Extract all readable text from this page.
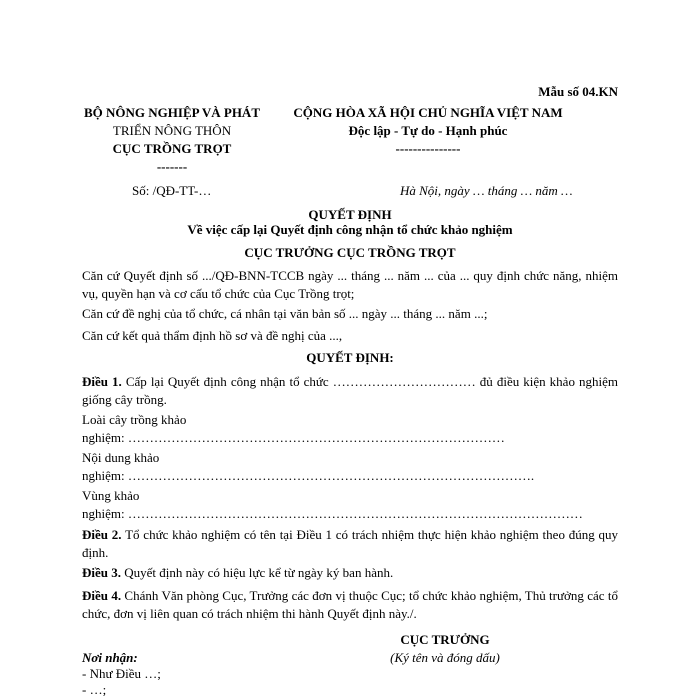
Mẫu số 04.KN
BỘ NÔNG NGHIỆP VÀ PHÁT
TRIỂN NÔNG THÔN
CỤC TRỒNG TRỌT
-------
CỘNG HÒA XÃ HỘI CHỦ NGHĨA VIỆT NAM
Độc lập - Tự do - Hạnh phúc
---------------
Số: /QĐ-TT-…	Hà Nội, ngày … tháng … năm …
QUYẾT ĐỊNH
Về việc cấp lại Quyết định công nhận tổ chức khảo nghiệm
CỤC TRƯỞNG CỤC TRỒNG TRỌT
Căn cứ Quyết định số .../QĐ-BNN-TCCB ngày ... tháng ... năm ... của ... quy định chức năng, nhiệm vụ, quyền hạn và cơ cấu tổ chức của Cục Trồng trọt;
Căn cứ đề nghị của tổ chức, cá nhân tại văn bản số ... ngày ... tháng ... năm ...;
Căn cứ kết quả thẩm định hồ sơ và đề nghị của ...,
QUYẾT ĐỊNH:
Điều 1. Cấp lại Quyết định công nhận tổ chức …………………………… đủ điều kiện khảo nghiệm giống cây trồng.
Loài cây trồng khảo
nghiệm: ……………………………………………………………………………
Nội dung khảo
nghiệm: ………………………………………………………………………………….
Vùng khảo
nghiệm: ……………………………………………………………………………………………
Điều 2. Tổ chức khảo nghiệm có tên tại Điều 1 có trách nhiệm thực hiện khảo nghiệm theo đúng quy định.
Điều 3. Quyết định này có hiệu lực kể từ ngày ký ban hành.
Điều 4. Chánh Văn phòng Cục, Trưởng các đơn vị thuộc Cục; tổ chức khảo nghiệm, Thủ trưởng các tổ chức, đơn vị liên quan có trách nhiệm thi hành Quyết định này./.
CỤC TRƯỞNG
(Ký tên và đóng dấu)
Nơi nhận:
- Như Điều …;
- …;
